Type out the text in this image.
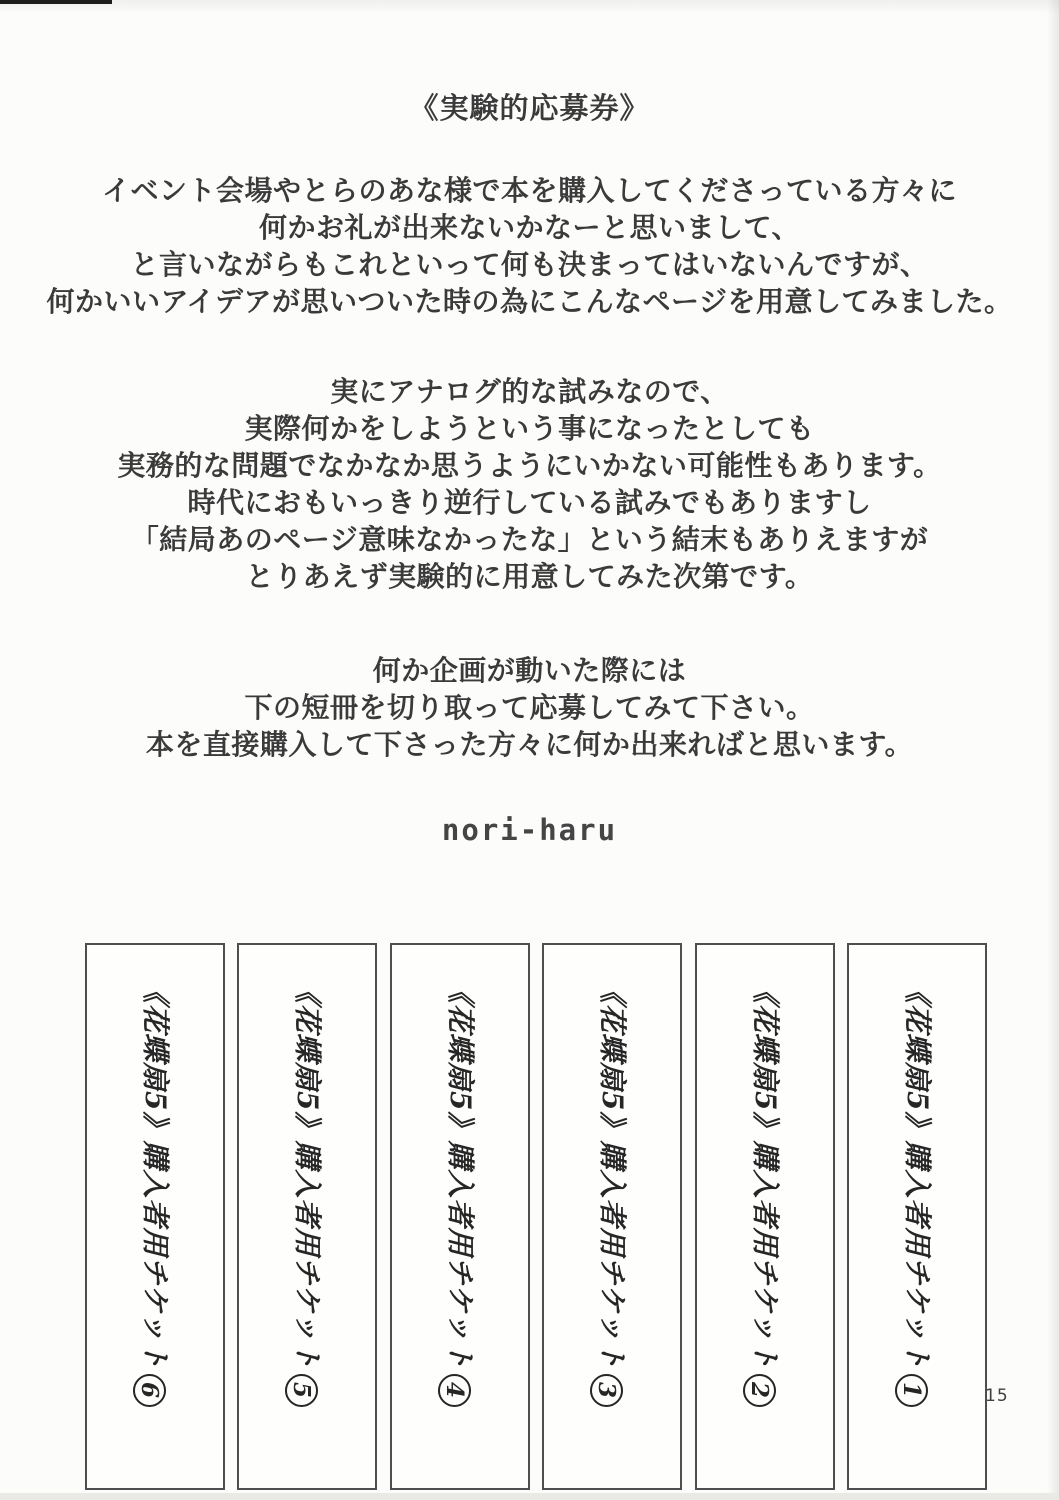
《実験的応募券》

イベント会場やとらのあな様で本を購入してくださっている方々に
何かお礼が出来ないかなーと思いまして、
と言いながらもこれといって何も決まってはいないんですが、
何かいいアイデアが思いついた時の為にこんなページを用意してみました。

実にアナログ的な試みなので、
実際何かをしようという事になったとしても
実務的な問題でなかなか思うようにいかない可能性もあります。
時代におもいっきり逆行している試みでもありますし
「結局あのページ意味なかったな」という結末もありえますが
とりあえず実験的に用意してみた次第です。

何か企画が動いた際には
下の短冊を切り取って応募してみて下さい。
本を直接購入して下さった方々に何か出来ればと思います。

nori-haru
《花蝶扇5》購入者用チケット6
《花蝶扇5》購入者用チケット5
《花蝶扇5》購入者用チケット4
《花蝶扇5》購入者用チケット3
《花蝶扇5》購入者用チケット2
《花蝶扇5》購入者用チケット1	15
